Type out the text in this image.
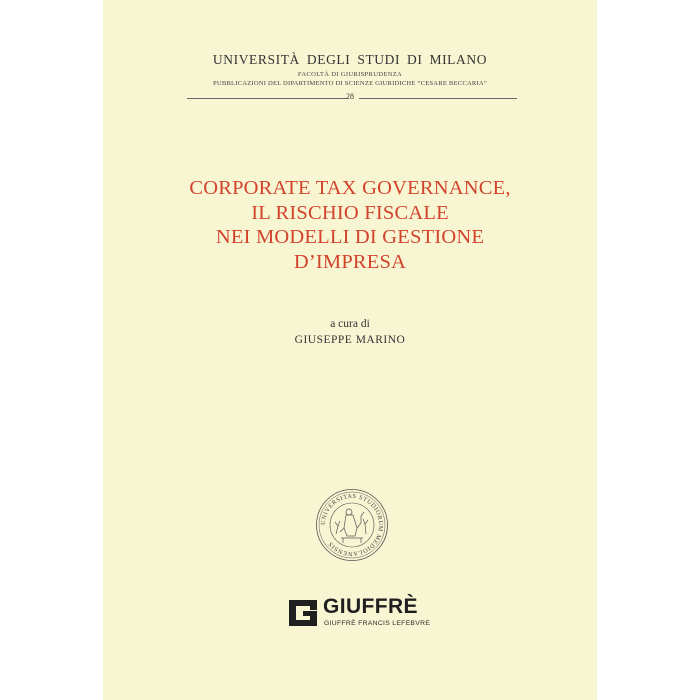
UNIVERSITÀ DEGLI STUDI DI MILANO
FACOLTÀ DI GIURISPRUDENZA
PUBBLICAZIONI DEL DIPARTIMENTO DI SCIENZE GIURIDICHE “CESARE BECCARIA”
28
CORPORATE TAX GOVERNANCE,
IL RISCHIO FISCALE
NEI MODELLI DI GESTIONE
D’IMPRESA
a cura di
GIUSEPPE MARINO
UNIVERSITAS STUDIORUM MEDIOLANENSIS
GIUFFRÈ
GIUFFRÈ FRANCIS LEFEBVRE
